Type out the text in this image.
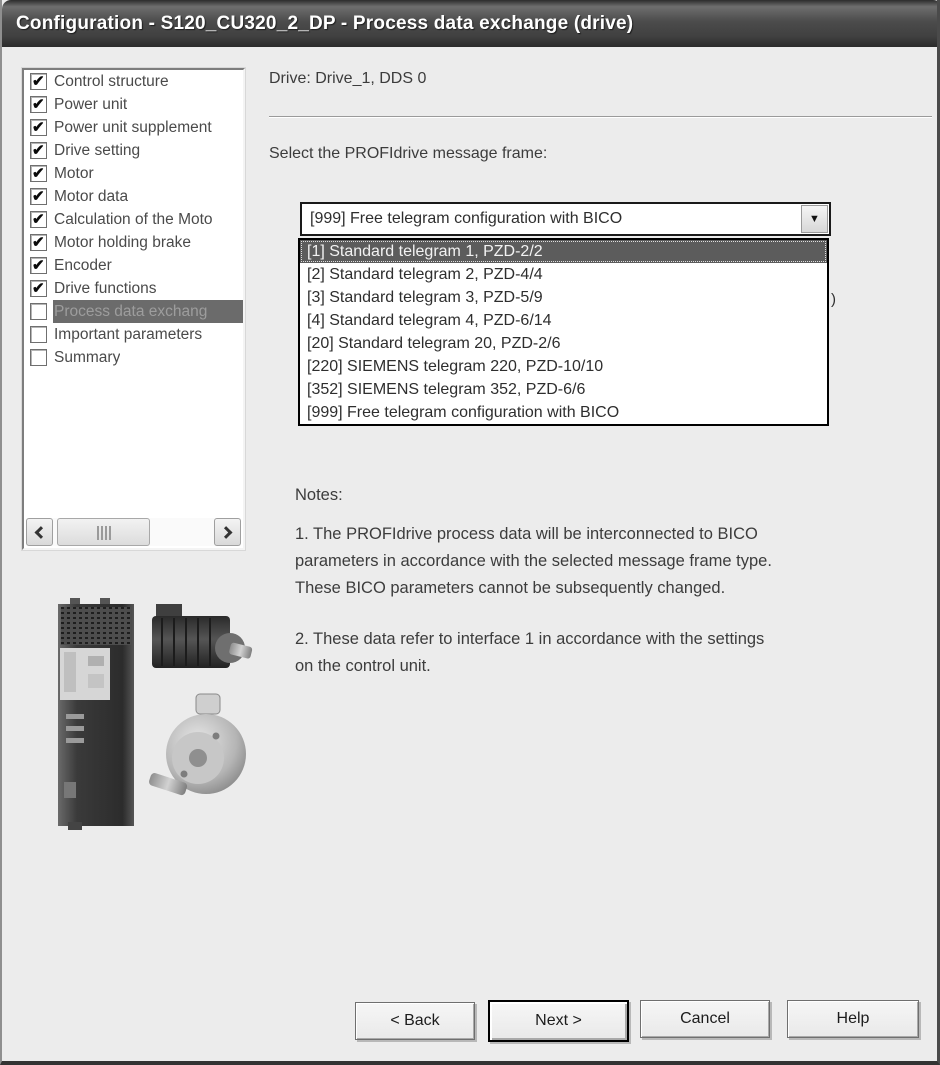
Configuration - S120_CU320_2_DP - Process data exchange (drive)
✔
Control structure
✔
Power unit
✔
Power unit supplement
✔
Drive setting
✔
Motor
✔
Motor data
✔
Calculation of the Moto
✔
Motor holding brake
✔
Encoder
✔
Drive functions
Process data exchang
Important parameters
Summary
Drive: Drive_1, DDS 0
Select the PROFIdrive message frame:
[999] Free telegram configuration with BICO	▼
[1] Standard telegram 1, PZD-2/2
[2] Standard telegram 2, PZD-4/4
[3] Standard telegram 3, PZD-5/9
[4] Standard telegram 4, PZD-6/14
[20] Standard telegram 20, PZD-2/6
[220] SIEMENS telegram 220, PZD-10/10
[352] SIEMENS telegram 352, PZD-6/6
[999] Free telegram configuration with BICO
)
Notes:
1. The PROFIdrive process data will be interconnected to BICO
parameters in accordance with the selected message frame type.
These BICO parameters cannot be subsequently changed.
2. These data refer to interface 1 in accordance with the settings
on the control unit.
< Back	Next >	Cancel	Help
